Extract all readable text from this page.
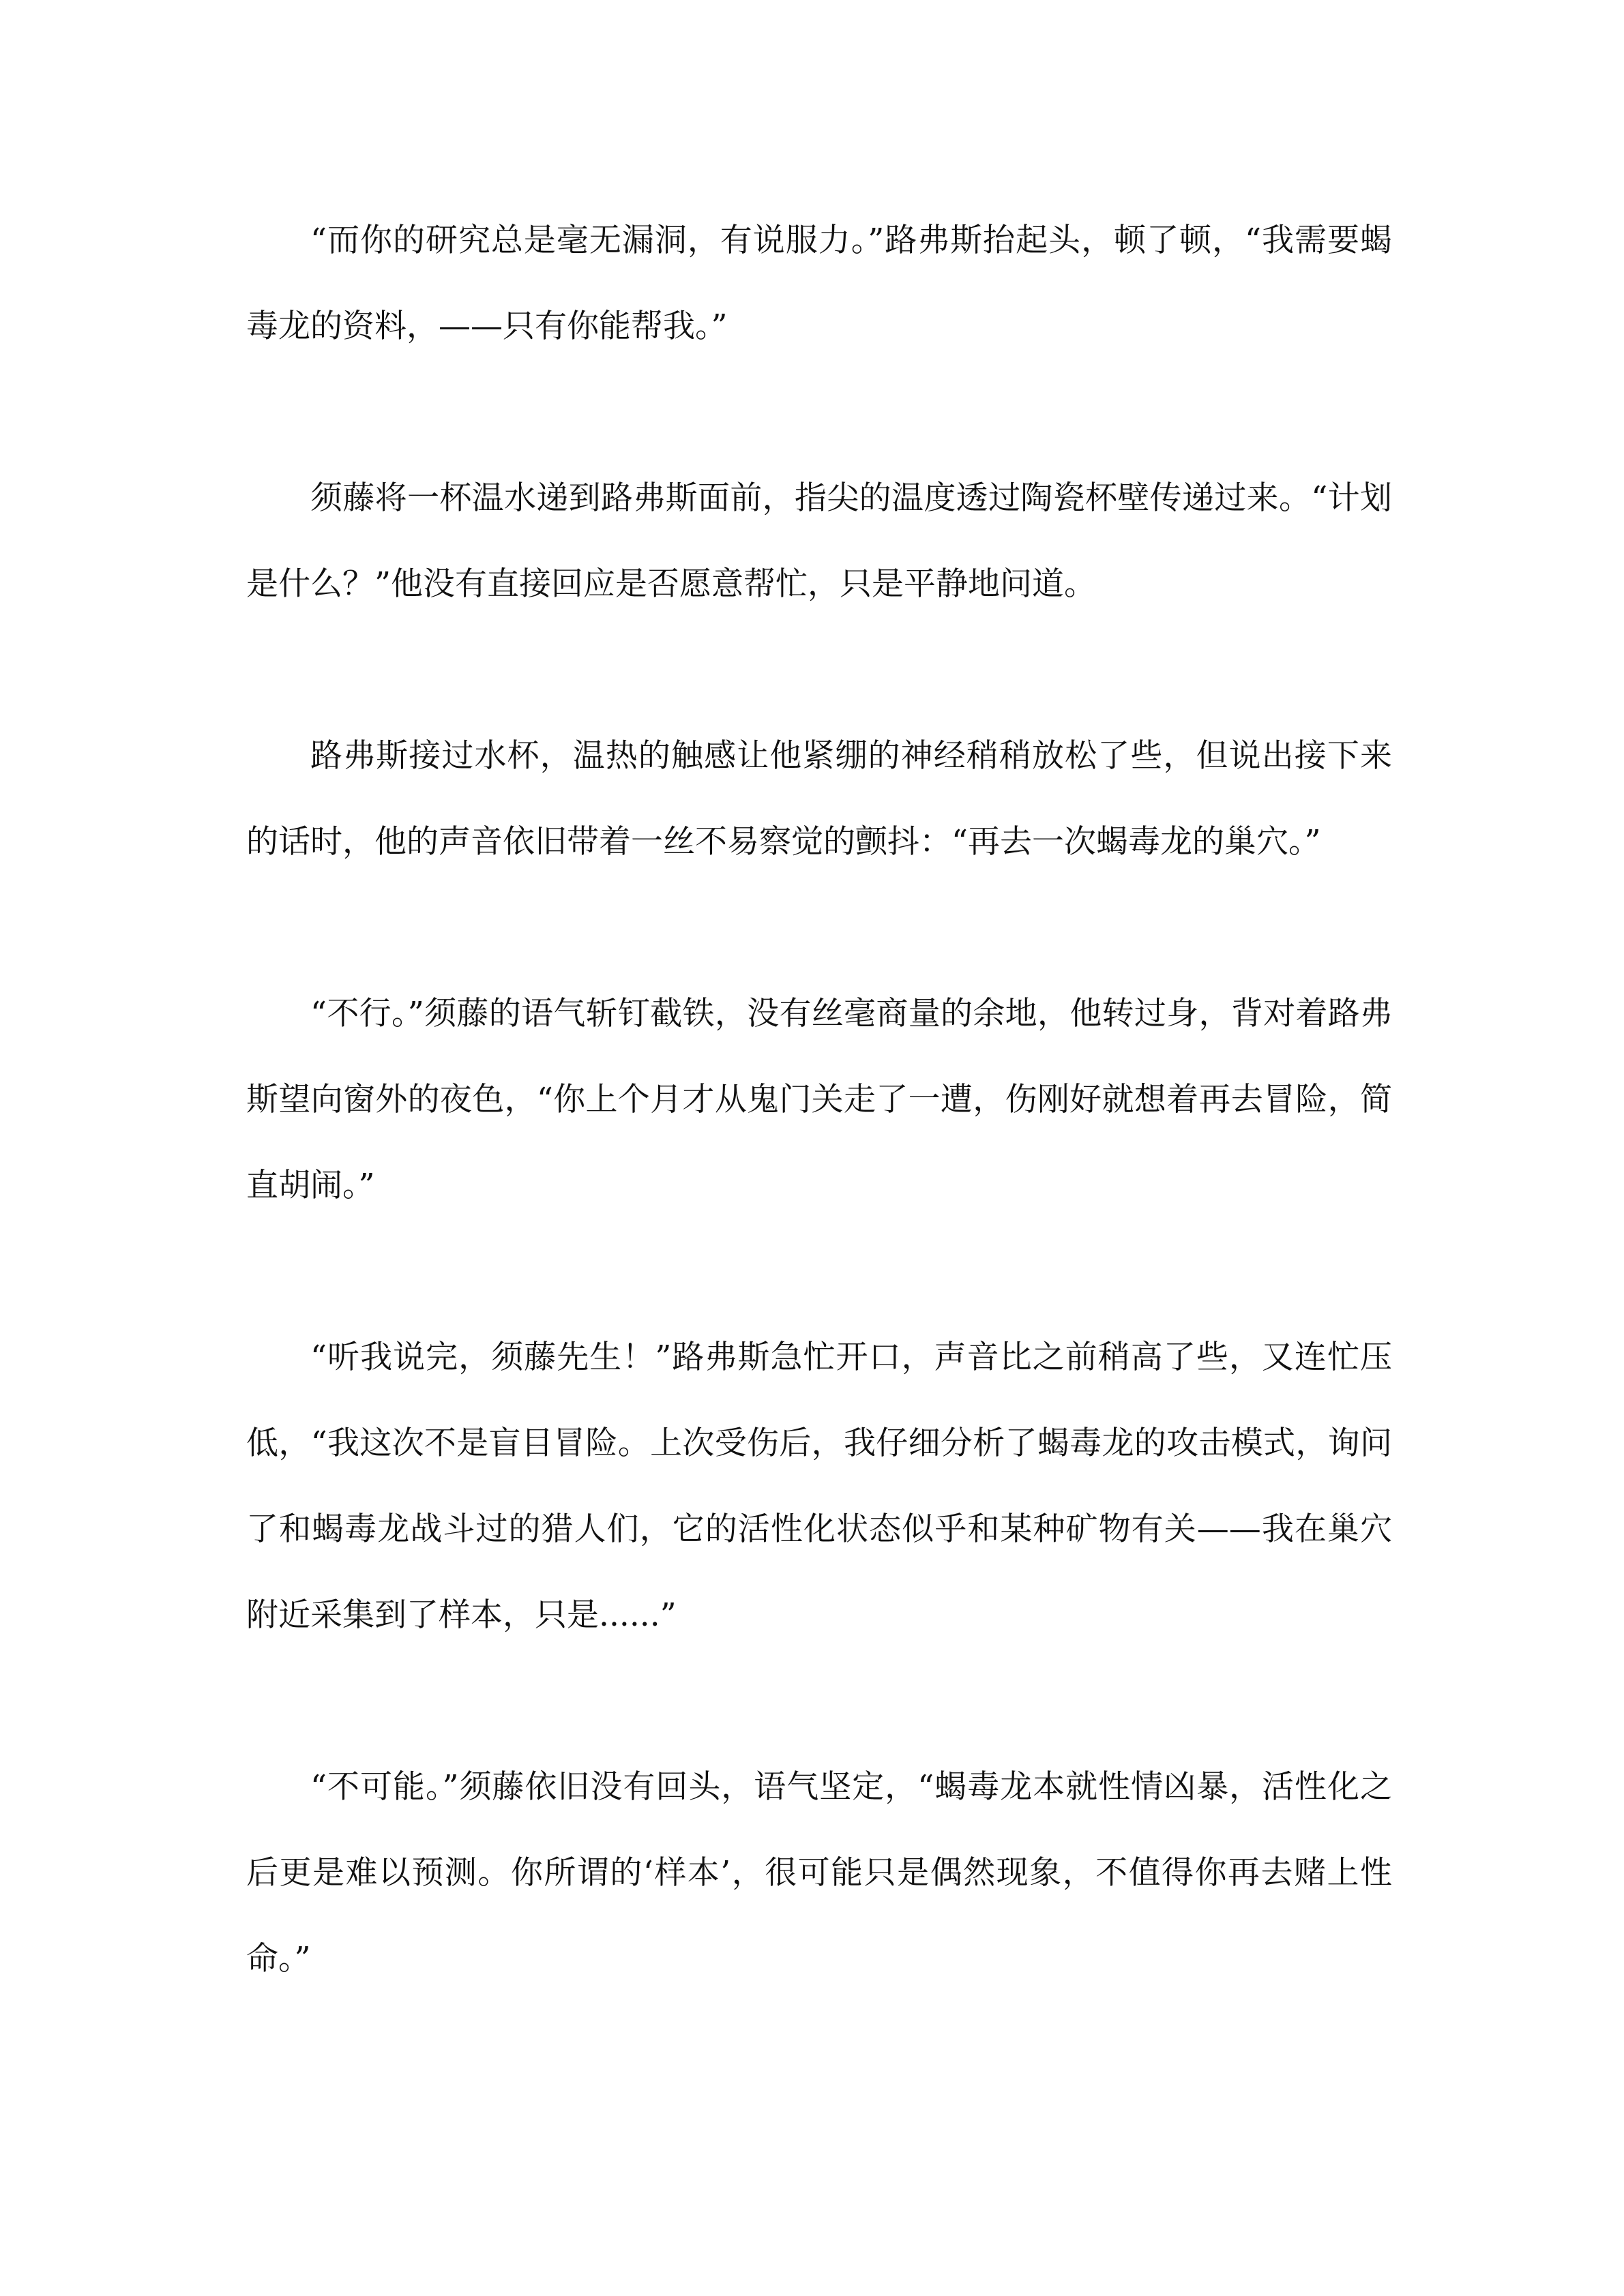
“而你的研究总是毫无漏洞，有说服力。”路弗斯抬起头，顿了顿，“我需要蝎毒龙的资料，——只有你能帮我。”

须藤将一杯温水递到路弗斯面前，指尖的温度透过陶瓷杯壁传递过来。“计划是什么？”他没有直接回应是否愿意帮忙，只是平静地问道。

路弗斯接过水杯，温热的触感让他紧绷的神经稍稍放松了些，但说出接下来的话时，他的声音依旧带着一丝不易察觉的颤抖：“再去一次蝎毒龙的巢穴。”

“不行。”须藤的语气斩钉截铁，没有丝毫商量的余地，他转过身，背对着路弗斯望向窗外的夜色，“你上个月才从鬼门关走了一遭，伤刚好就想着再去冒险，简直胡闹。”

“听我说完，须藤先生！”路弗斯急忙开口，声音比之前稍高了些，又连忙压低，“我这次不是盲目冒险。上次受伤后，我仔细分析了蝎毒龙的攻击模式，询问了和蝎毒龙战斗过的猎人们，它的活性化状态似乎和某种矿物有关——我在巢穴附近采集到了样本，只是......”

“不可能。”须藤依旧没有回头，语气坚定，“蝎毒龙本就性情凶暴，活性化之后更是难以预测。你所谓的‘样本’，很可能只是偶然现象，不值得你再去赌上性命。”
